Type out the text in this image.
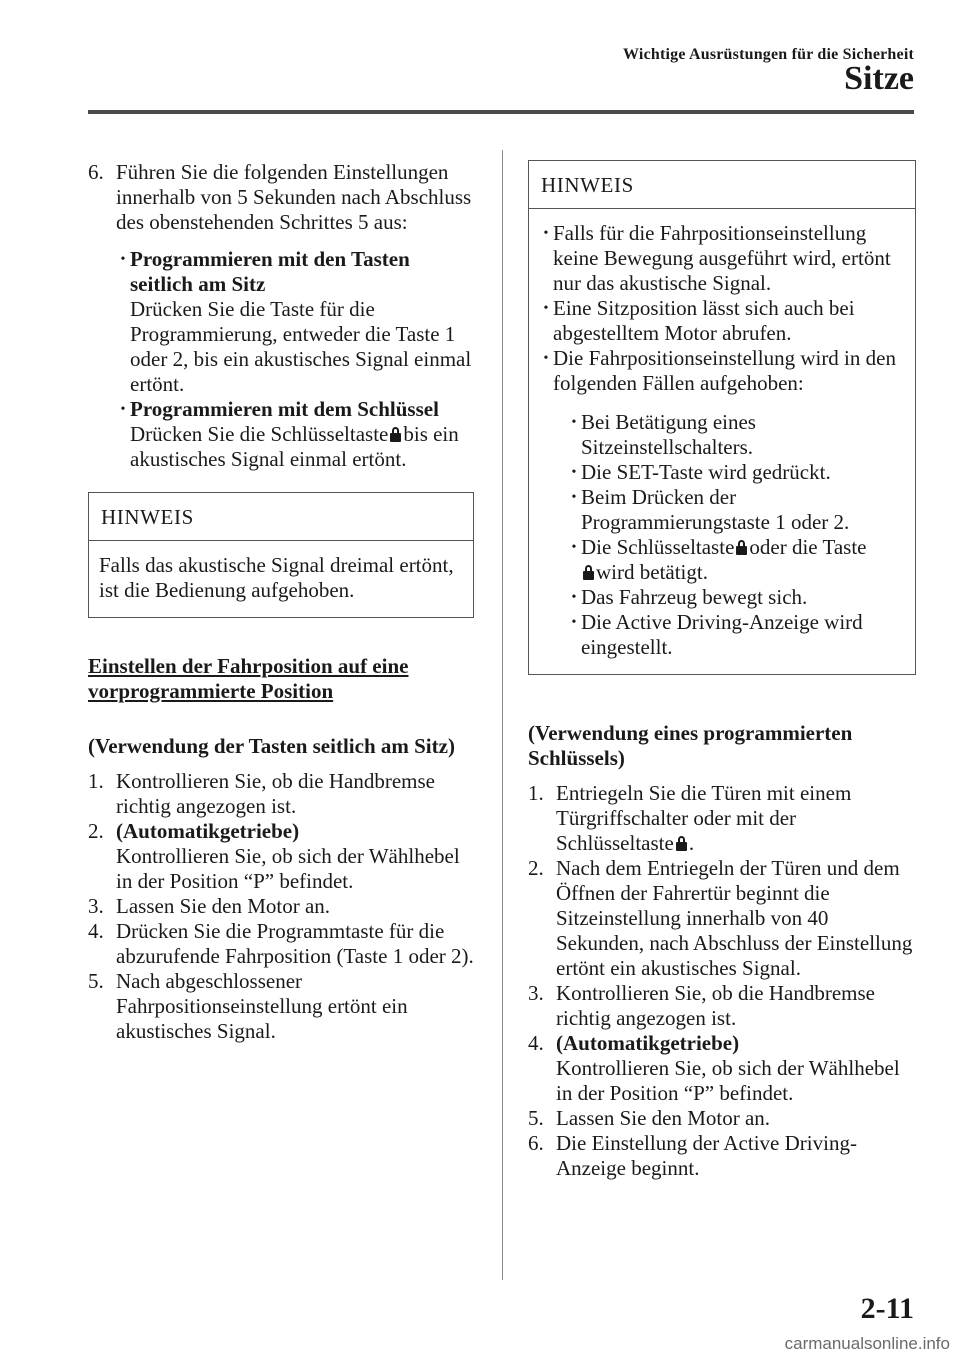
Wichtige Ausrüstungen für die Sicherheit
Sitze
6. Führen Sie die folgenden Einstellungen innerhalb von 5 Sekunden nach Abschluss des obenstehenden Schrittes 5 aus:
• Programmieren mit den Tasten seitlich am Sitz
Drücken Sie die Taste für die Programmierung, entweder die Taste 1 oder 2, bis ein akustisches Signal einmal ertönt.
• Programmieren mit dem Schlüssel
Drücken Sie die Schlüsseltaste bis ein akustisches Signal einmal ertönt.
HINWEIS
Falls das akustische Signal dreimal ertönt, ist die Bedienung aufgehoben.
Einstellen der Fahrposition auf eine vorprogrammierte Position
(Verwendung der Tasten seitlich am Sitz)
1. Kontrollieren Sie, ob die Handbremse richtig angezogen ist.
2. (Automatikgetriebe)
Kontrollieren Sie, ob sich der Wählhebel in der Position “P” befindet.
3. Lassen Sie den Motor an.
4. Drücken Sie die Programmtaste für die abzurufende Fahrposition (Taste 1 oder 2).
5. Nach abgeschlossener Fahrpositionseinstellung ertönt ein akustisches Signal.
HINWEIS
• Falls für die Fahrpositionseinstellung keine Bewegung ausgeführt wird, ertönt nur das akustische Signal.
• Eine Sitzposition lässt sich auch bei abgestelltem Motor abrufen.
• Die Fahrpositionseinstellung wird in den folgenden Fällen aufgehoben:
• Bei Betätigung eines Sitzeinstellschalters.
• Die SET-Taste wird gedrückt.
• Beim Drücken der Programmierungstaste 1 oder 2.
• Die Schlüsseltaste oder die Taste
wird betätigt.
• Das Fahrzeug bewegt sich.
• Die Active Driving-Anzeige wird eingestellt.
(Verwendung eines programmierten Schlüssels)
1. Entriegeln Sie die Türen mit einem Türgriffschalter oder mit der Schlüsseltaste .
2. Nach dem Entriegeln der Türen und dem Öffnen der Fahrertür beginnt die Sitzeinstellung innerhalb von 40 Sekunden, nach Abschluss der Einstellung ertönt ein akustisches Signal.
3. Kontrollieren Sie, ob die Handbremse richtig angezogen ist.
4. (Automatikgetriebe)
Kontrollieren Sie, ob sich der Wählhebel in der Position “P” befindet.
5. Lassen Sie den Motor an.
6. Die Einstellung der Active Driving-Anzeige beginnt.
2-11
carmanualsonline.info
